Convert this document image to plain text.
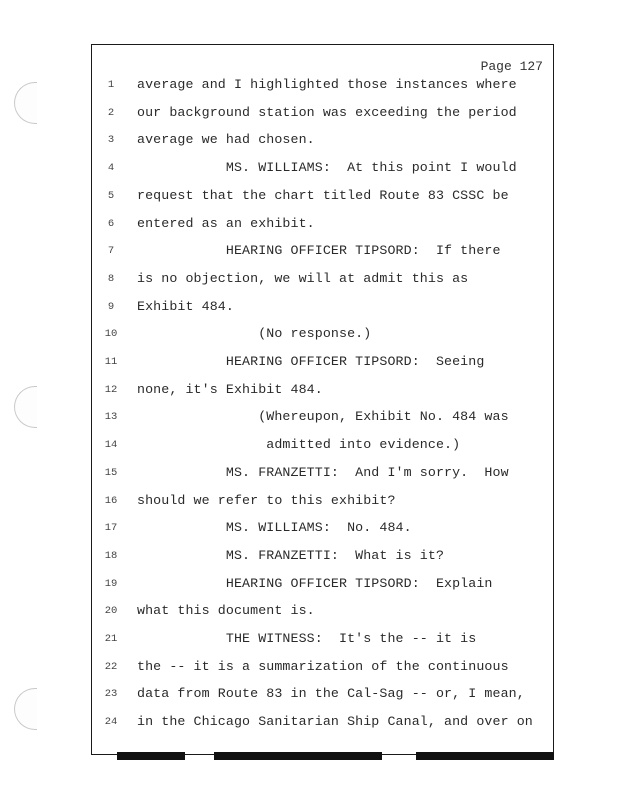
Page 127
1	average and I highlighted those instances where
2	our background station was exceeding the period
3	average we had chosen.
4	MS. WILLIAMS:  At this point I would
5	request that the chart titled Route 83 CSSC be
6	entered as an exhibit.
7	HEARING OFFICER TIPSORD:  If there
8	is no objection, we will at admit this as
9	Exhibit 484.
10 (No response.)
11 HEARING OFFICER TIPSORD:  Seeing
12 none, it's Exhibit 484.
13 (Whereupon, Exhibit No. 484 was
14 admitted into evidence.)
15 MS. FRANZETTI:  And I'm sorry.  How
16 should we refer to this exhibit?
17 MS. WILLIAMS:  No. 484.
18 MS. FRANZETTI:  What is it?
19 HEARING OFFICER TIPSORD:  Explain
20 what this document is.
21 THE WITNESS:  It's the -- it is
22 the -- it is a summarization of the continuous
23 data from Route 83 in the Cal-Sag -- or, I mean,
24 in the Chicago Sanitarian Ship Canal, and over on
